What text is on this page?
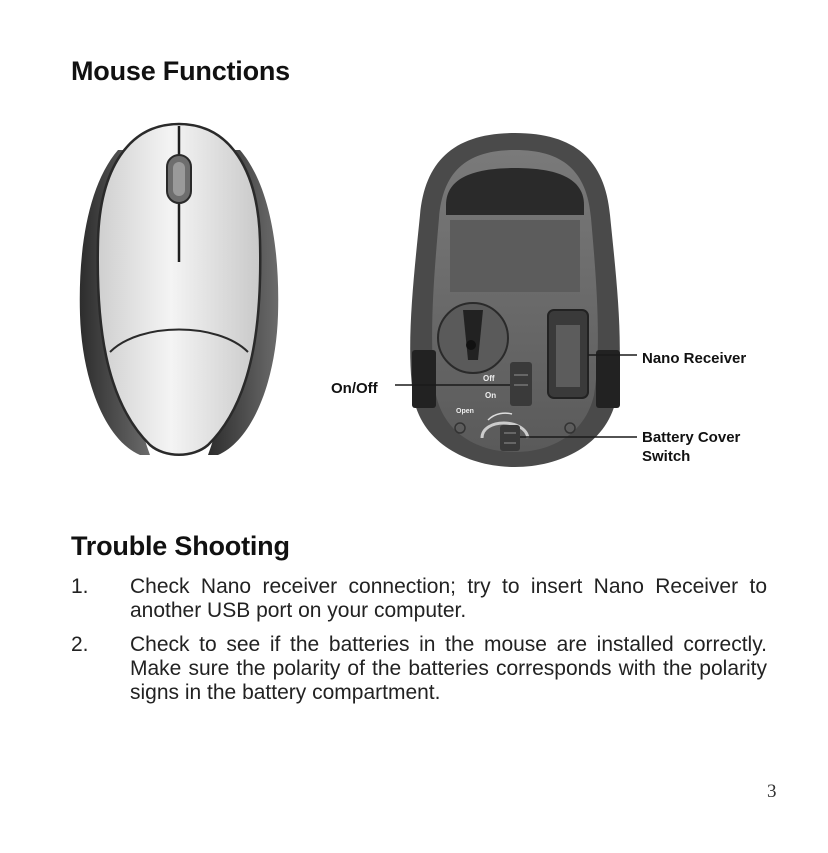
Mouse Functions
Off
On
Open
On/Off
Nano Receiver
Battery Cover Switch
Trouble Shooting
1. Check Nano receiver connection; try to insert Nano Receiver to another USB port on your computer.
2. Check to see if the batteries in the mouse are installed correctly. Make sure the polarity of the batteries corresponds with the polarity signs in the battery compartment.
3
